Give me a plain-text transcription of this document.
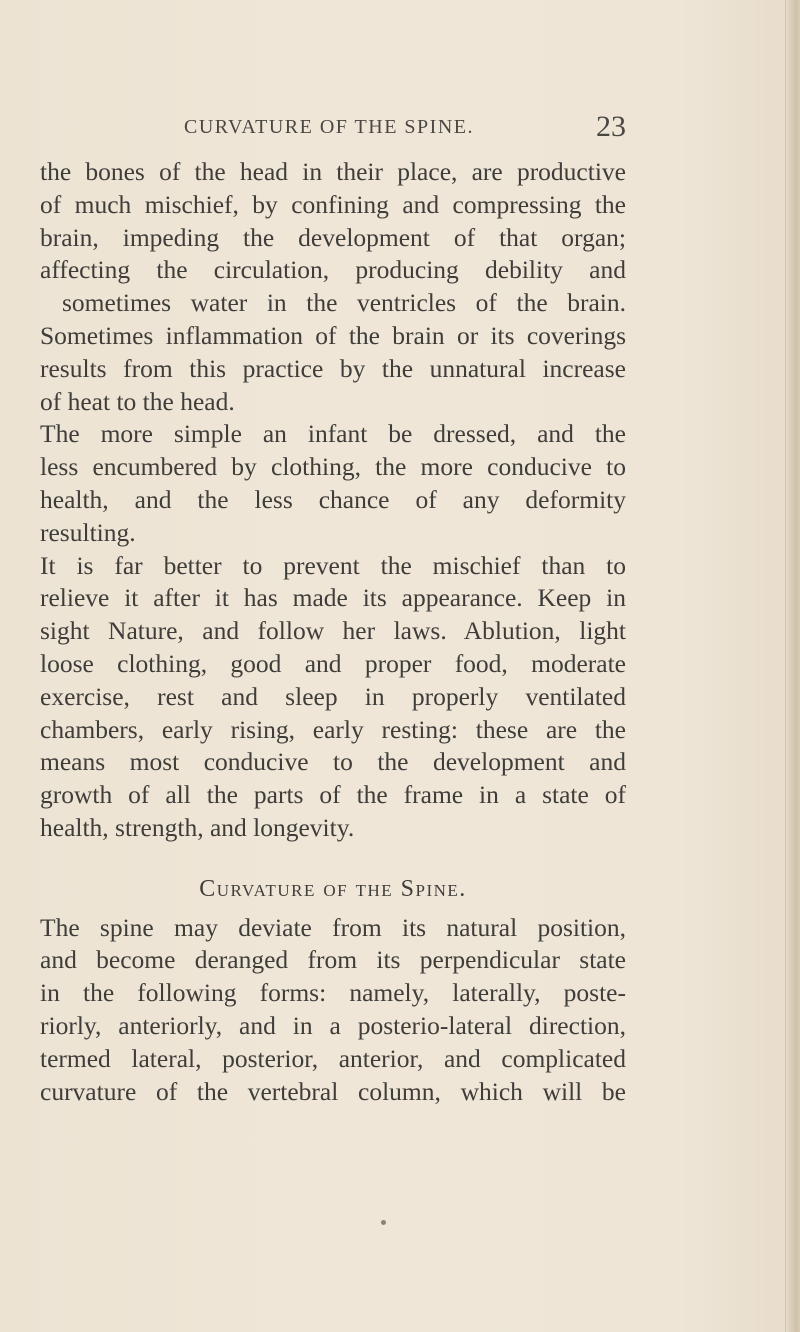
CURVATURE OF THE SPINE.	23
the bones of the head in their place, are productive
of much mischief, by confining and compressing the
brain, impeding the development of that organ;
affecting the circulation, producing debility and
sometimes water in the ventricles of the brain.
Sometimes inflammation of the brain or its coverings
results from this practice by the unnatural increase
of heat to the head.
The more simple an infant be dressed, and the
less encumbered by clothing, the more conducive to
health, and the less chance of any deformity
resulting.
It is far better to prevent the mischief than to
relieve it after it has made its appearance. Keep in
sight Nature, and follow her laws. Ablution, light
loose clothing, good and proper food, moderate
exercise, rest and sleep in properly ventilated
chambers, early rising, early resting: these are the
means most conducive to the development and
growth of all the parts of the frame in a state of
health, strength, and longevity.
Curvature of the Spine.
The spine may deviate from its natural position,
and become deranged from its perpendicular state
in the following forms: namely, laterally, poste-
riorly, anteriorly, and in a posterio-lateral direction,
termed lateral, posterior, anterior, and complicated
curvature of the vertebral column, which will be
